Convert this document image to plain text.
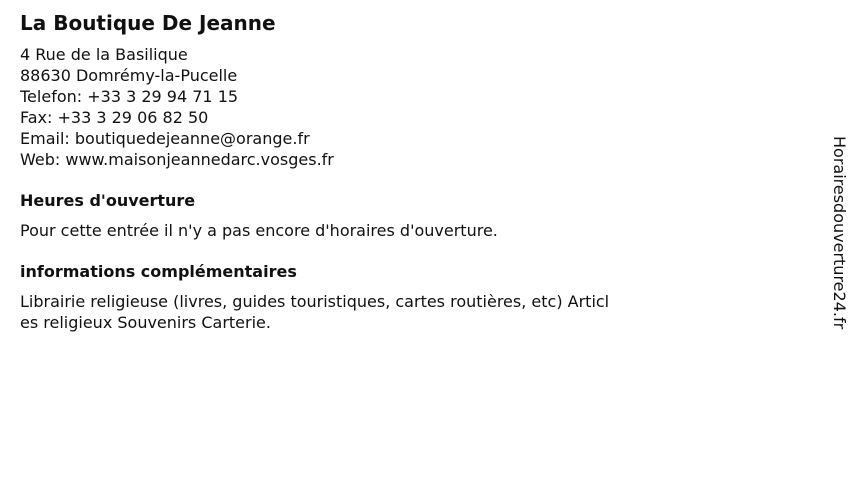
La Boutique De Jeanne
4 Rue de la Basilique
88630 Domrémy-la-Pucelle
Telefon: +33 3 29 94 71 15
Fax: +33 3 29 06 82 50
Email: boutiquedejeanne@orange.fr
Web: www.maisonjeannedarc.vosges.fr
Heures d'ouverture

Pour cette entrée il n'y a pas encore d'horaires d'ouverture.

informations complémentaires

Librairie religieuse (livres, guides touristiques, cartes routières, etc) Articles religieux Souvenirs Carterie.	Horairesdouverture24.fr
